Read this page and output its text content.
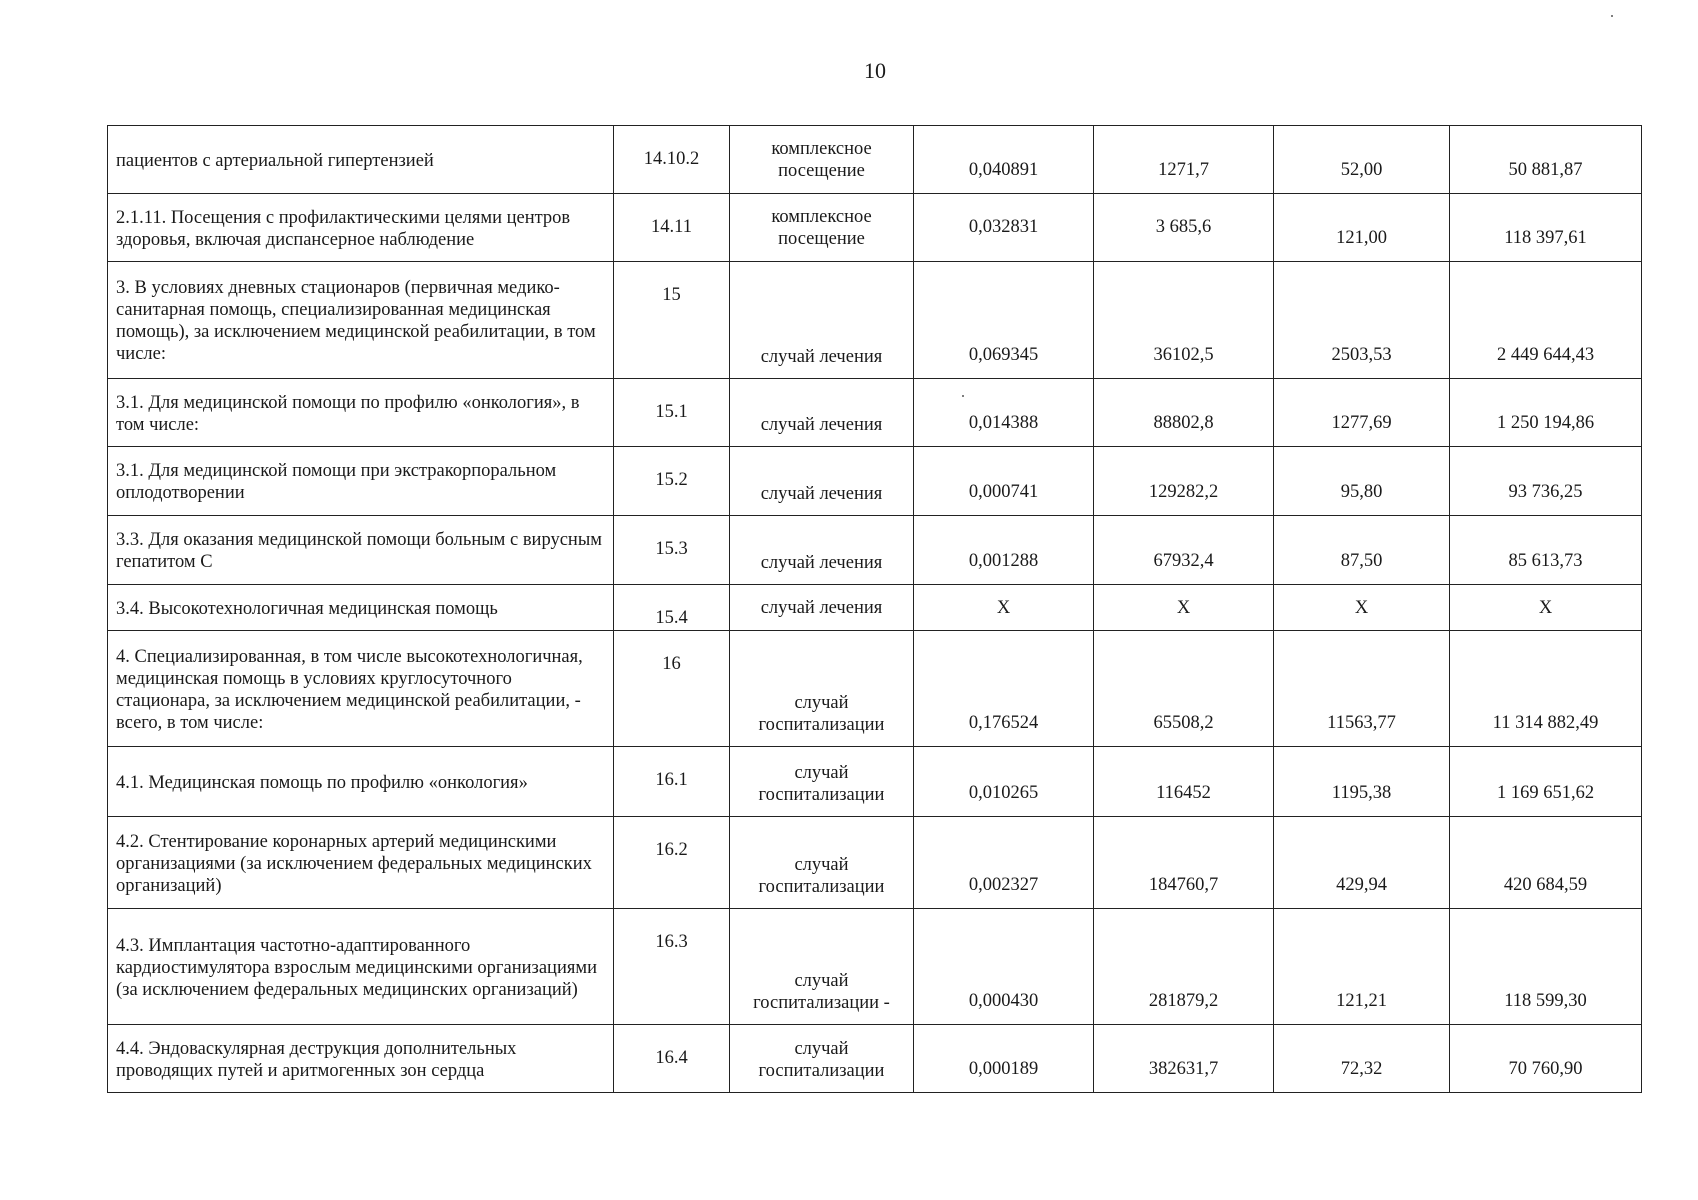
10
пациентов с артериальной гипертензией	14.10.2	комплексное посещение	0,040891	1271,7	52,00	50 881,87
2.1.11. Посещения с профилактическими целями центров здоровья, включая диспансерное наблюдение	14.11	комплексное посещение	0,032831	3 685,6	121,00	118 397,61
3. В условиях дневных стационаров (первичная медико-санитарная помощь, специализированная медицинская помощь), за исключением медицинской реабилитации, в том числе:	15	случай лечения	0,069345	36102,5	2503,53	2 449 644,43
3.1. Для медицинской помощи по профилю «онкология», в том числе:	15.1	случай лечения	0,014388	88802,8	1277,69	1 250 194,86
3.1. Для медицинской помощи при экстракорпоральном оплодотворении	15.2	случай лечения	0,000741	129282,2	95,80	93 736,25
3.3. Для оказания медицинской помощи больным с вирусным гепатитом С	15.3	случай лечения	0,001288	67932,4	87,50	85 613,73
3.4. Высокотехнологичная медицинская помощь	15.4	случай лечения	X	X	X	X
4. Специализированная, в том числе высокотехнологичная, медицинская помощь в условиях круглосуточного стационара, за исключением медицинской реабилитации, - всего, в том числе:	16	случай госпитализации	0,176524	65508,2	11563,77	11 314 882,49
4.1. Медицинская помощь по профилю «онкология»	16.1	случай госпитализации	0,010265	116452	1195,38	1 169 651,62
4.2. Стентирование коронарных артерий медицинскими организациями (за исключением федеральных медицинских организаций)	16.2	случай госпитализации	0,002327	184760,7	429,94	420 684,59
4.3. Имплантация частотно-адаптированного кардиостимулятора взрослым медицинскими организациями (за исключением федеральных медицинских организаций)	16.3	случай госпитализации -	0,000430	281879,2	121,21	118 599,30
4.4. Эндоваскулярная деструкция дополнительных проводящих путей и аритмогенных зон сердца	16.4	случай госпитализации	0,000189	382631,7	72,32	70 760,90
